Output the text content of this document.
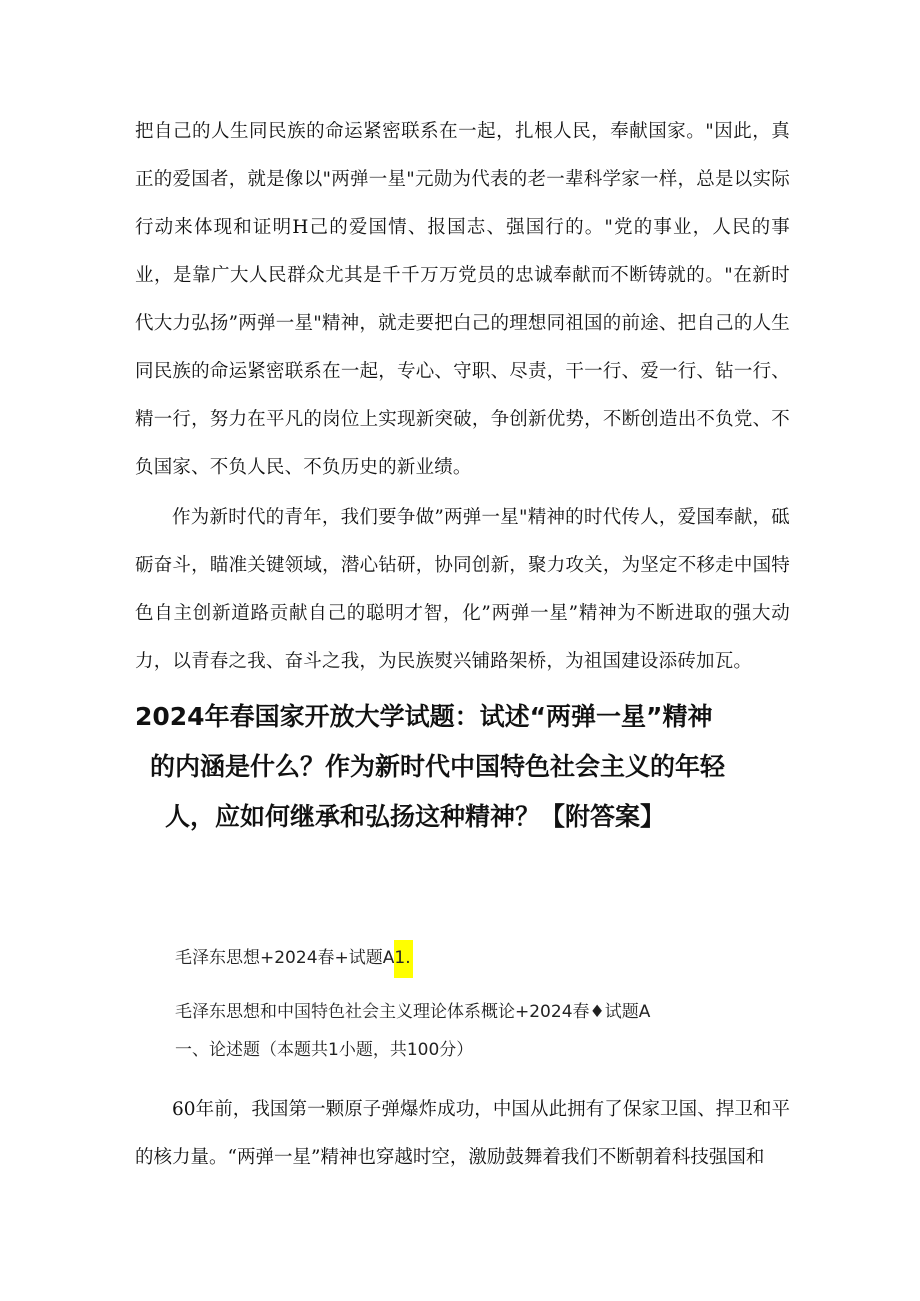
把自己的人生同民族的命运紧密联系在一起，扎根人民，奉献国家。"因此，真正的爱国者，就是像以"两弹一星"元勋为代表的老一辈科学家一样，总是以实际行动来体现和证明H己的爱国情、报国志、强国行的。"党的事业，人民的事业，是靠广大人民群众尤其是千千万万党员的忠诚奉献而不断铸就的。"在新时代大力弘扬”两弹一星"精神，就走要把白己的理想同祖国的前途、把自己的人生同民族的命运紧密联系在一起，专心、守职、尽责，干一行、爱一行、钻一行、精一行，努力在平凡的岗位上实现新突破，争创新优势，不断创造出不负党、不负国家、不负人民、不负历史的新业绩。

作为新时代的青年，我们要争做”两弹一星"精神的时代传人，爱国奉献，砥砺奋斗，瞄准关键领域，潜心钻研，协同创新，聚力攻关，为坚定不移走中国特色自主创新道路贡献自己的聪明才智，化”两弹一星”精神为不断进取的强大动力，以青春之我、奋斗之我，为民族熨兴铺路架桥，为祖国建设添砖加瓦。

2024年春国家开放大学试题：试述“两弹一星”精神
的内涵是什么？作为新时代中国特色社会主义的年轻
人，应如何继承和弘扬这种精神？【附答案】

毛泽东思想+2024春+试题A1.

毛泽东思想和中国特色社会主义理论体系概论+2024春♦试题A

一、论述题（本题共1小题，共100分）

60年前，我国第一颗原子弹爆炸成功，中国从此拥有了保家卫国、捍卫和平的核力量。“两弹一星”精神也穿越时空，激励鼓舞着我们不断朝着科技强国和
